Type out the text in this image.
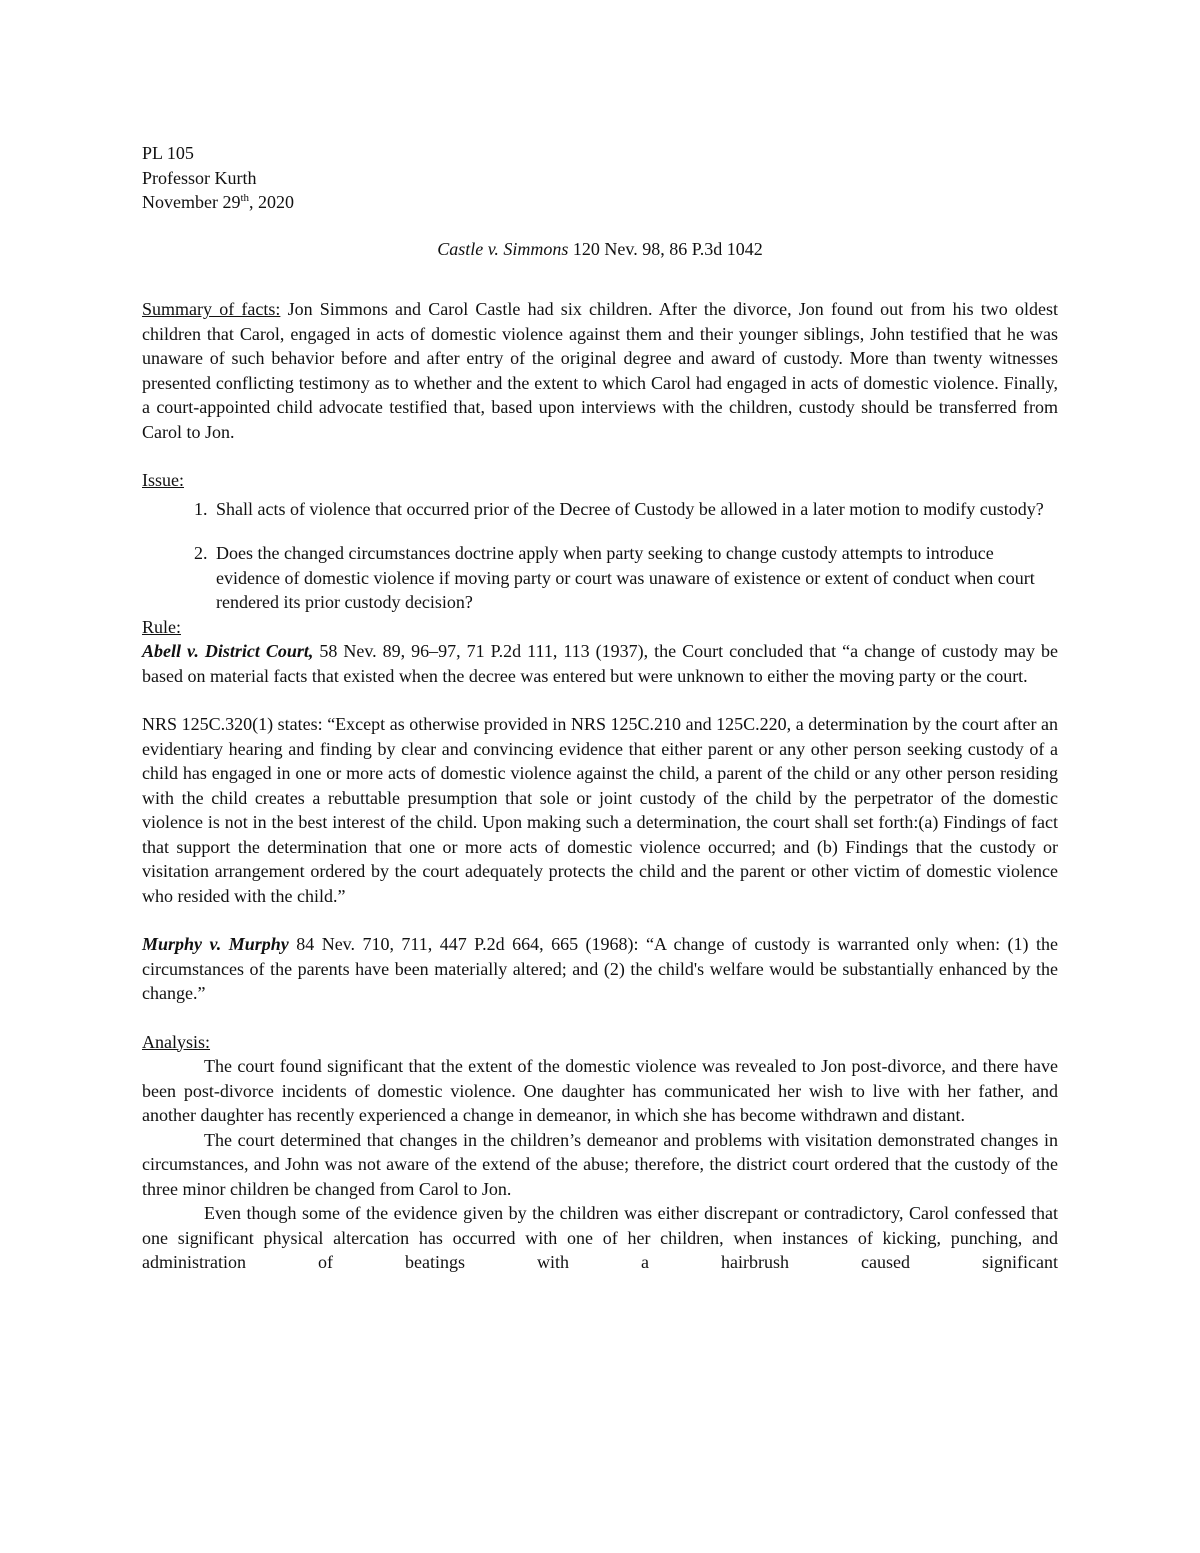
PL 105

Professor Kurth

November 29th, 2020

Castle v. Simmons 120 Nev. 98, 86 P.3d 1042

Summary of facts: Jon Simmons and Carol Castle had six children. After the divorce, Jon found out from his two oldest children that Carol, engaged in acts of domestic violence against them and their younger siblings, John testified that he was unaware of such behavior before and after entry of the original degree and award of custody. More than twenty witnesses presented conflicting testimony as to whether and the extent to which Carol had engaged in acts of domestic violence. Finally, a court-appointed child advocate testified that, based upon interviews with the children, custody should be transferred from Carol to Jon.

Issue:

1. Shall acts of violence that occurred prior of the Decree of Custody be allowed in a later motion to modify custody?
2. Does the changed circumstances doctrine apply when party seeking to change custody attempts to introduce evidence of domestic violence if moving party or court was unaware of existence or extent of conduct when court rendered its prior custody decision?

Rule:

Abell v. District Court, 58 Nev. 89, 96–97, 71 P.2d 111, 113 (1937), the Court concluded that “a change of custody may be based on material facts that existed when the decree was entered but were unknown to either the moving party or the court.

NRS 125C.320(1) states: “Except as otherwise provided in NRS 125C.210 and 125C.220, a determination by the court after an evidentiary hearing and finding by clear and convincing evidence that either parent or any other person seeking custody of a child has engaged in one or more acts of domestic violence against the child, a parent of the child or any other person residing with the child creates a rebuttable presumption that sole or joint custody of the child by the perpetrator of the domestic violence is not in the best interest of the child. Upon making such a determination, the court shall set forth:(a) Findings of fact that support the determination that one or more acts of domestic violence occurred; and (b) Findings that the custody or visitation arrangement ordered by the court adequately protects the child and the parent or other victim of domestic violence who resided with the child.”

Murphy v. Murphy 84 Nev. 710, 711, 447 P.2d 664, 665 (1968): “A change of custody is warranted only when: (1) the circumstances of the parents have been materially altered; and (2) the child's welfare would be substantially enhanced by the change.”

Analysis:

The court found significant that the extent of the domestic violence was revealed to Jon post-divorce, and there have been post-divorce incidents of domestic violence. One daughter has communicated her wish to live with her father, and another daughter has recently experienced a change in demeanor, in which she has become withdrawn and distant.

The court determined that changes in the children’s demeanor and problems with visitation demonstrated changes in circumstances, and John was not aware of the extend of the abuse; therefore, the district court ordered that the custody of the three minor children be changed from Carol to Jon.

Even though some of the evidence given by the children was either discrepant or contradictory, Carol confessed that one significant physical altercation has occurred with one of her children, when instances of kicking, punching, and administration of beatings with a hairbrush caused significant
